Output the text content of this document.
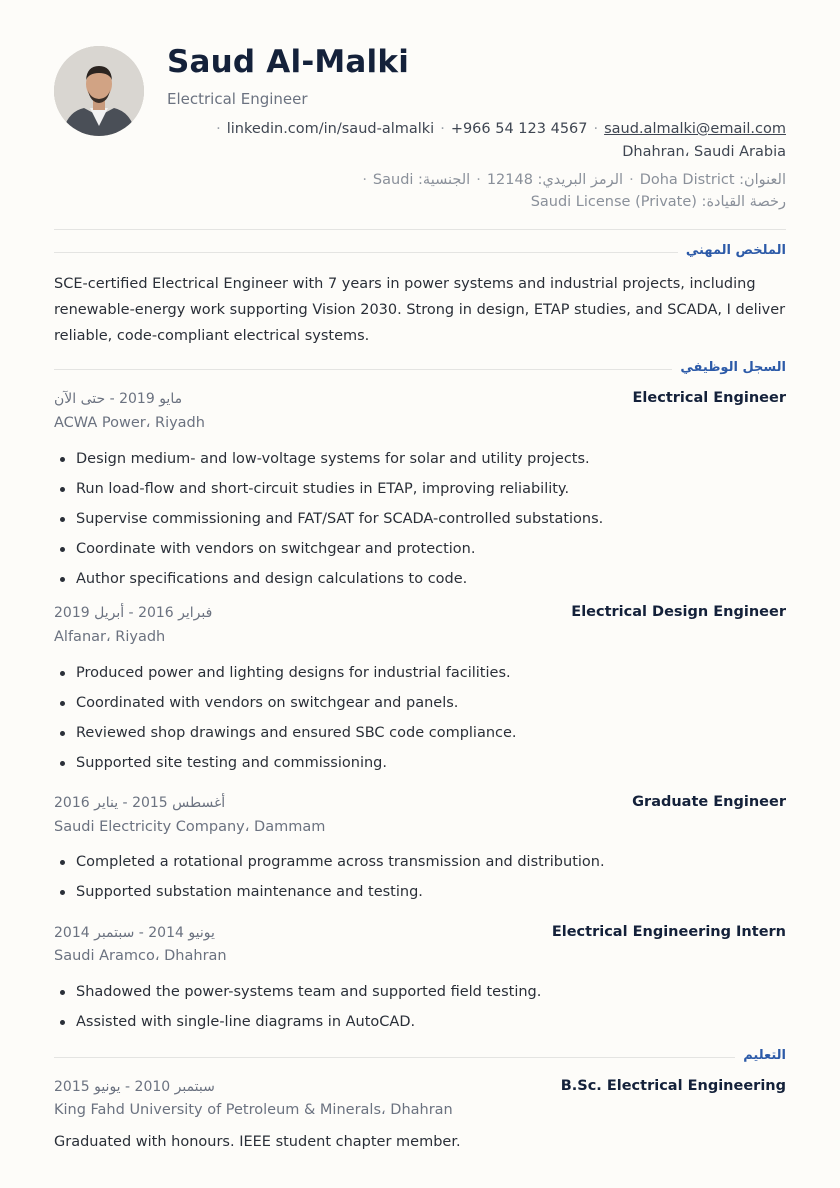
Saud Al-Malki
Electrical Engineer
· linkedin.com/in/saud-almalki · +966 54 123 4567 · saud.almalki@email.com
Dhahran، Saudi Arabia
· الجنسية: Saudi · الرمز البريدي: 12148 · العنوان: Doha District
رخصة القيادة: Saudi License (Private)
الملخص المهني
SCE-certified Electrical Engineer with 7 years in power systems and industrial projects, including renewable-energy work supporting Vision 2030. Strong in design, ETAP studies, and SCADA, I deliver reliable, code-compliant electrical systems.
السجل الوظيفي
Electrical Engineer
مايو 2019 - حتى الآن
ACWA Power، Riyadh
Design medium- and low-voltage systems for solar and utility projects.
Run load-flow and short-circuit studies in ETAP, improving reliability.
Supervise commissioning and FAT/SAT for SCADA-controlled substations.
Coordinate with vendors on switchgear and protection.
Author specifications and design calculations to code.
Electrical Design Engineer
فبراير 2016 - أبريل 2019
Alfanar، Riyadh
Produced power and lighting designs for industrial facilities.
Coordinated with vendors on switchgear and panels.
Reviewed shop drawings and ensured SBC code compliance.
Supported site testing and commissioning.
Graduate Engineer
أغسطس 2015 - يناير 2016
Saudi Electricity Company، Dammam
Completed a rotational programme across transmission and distribution.
Supported substation maintenance and testing.
Electrical Engineering Intern
يونيو 2014 - سبتمبر 2014
Saudi Aramco، Dhahran
Shadowed the power-systems team and supported field testing.
Assisted with single-line diagrams in AutoCAD.
التعليم
B.Sc. Electrical Engineering
سبتمبر 2010 - يونيو 2015
King Fahd University of Petroleum & Minerals، Dhahran
Graduated with honours. IEEE student chapter member.
